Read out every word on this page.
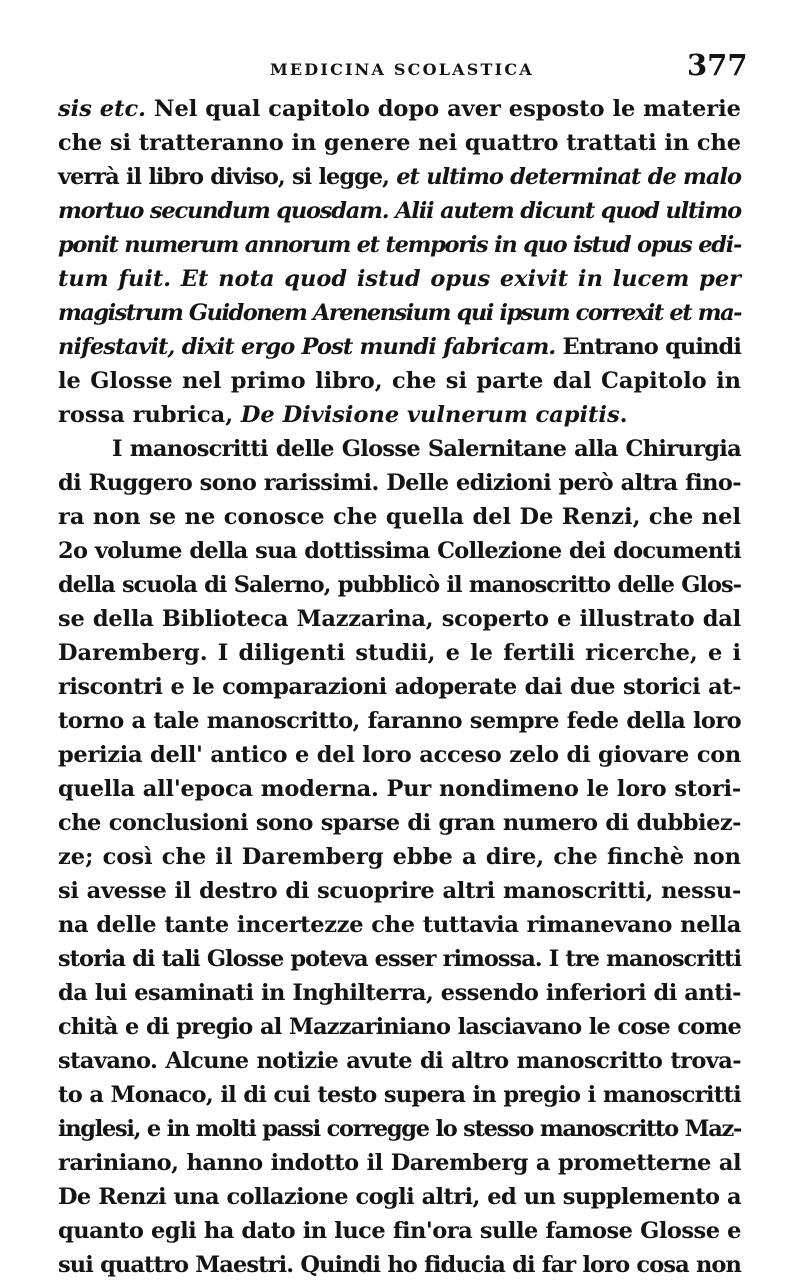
MEDICINA SCOLASTICA	377
sis etc. Nel qual capitolo dopo aver esposto le materie
che si tratteranno in genere nei quattro trattati in che
verrà il libro diviso, si legge, et ultimo determinat de malo
mortuo secundum quosdam. Alii autem dicunt quod ultimo
ponit numerum annorum et temporis in quo istud opus edi-
tum fuit. Et nota quod istud opus exivit in lucem per
magistrum Guidonem Arenensium qui ipsum correxit et ma-
nifestavit, dixit ergo Post mundi fabricam. Entrano quindi
le Glosse nel primo libro, che si parte dal Capitolo in
rossa rubrica, De Divisione vulnerum capitis.
I manoscritti delle Glosse Salernitane alla Chirurgia
di Ruggero sono rarissimi. Delle edizioni però altra fino-
ra non se ne conosce che quella del De Renzi, che nel
2o volume della sua dottissima Collezione dei documenti
della scuola di Salerno, pubblicò il manoscritto delle Glos-
se della Biblioteca Mazzarina, scoperto e illustrato dal
Daremberg. I diligenti studii, e le fertili ricerche, e i
riscontri e le comparazioni adoperate dai due storici at-
torno a tale manoscritto, faranno sempre fede della loro
perizia dell' antico e del loro acceso zelo di giovare con
quella all'epoca moderna. Pur nondimeno le loro stori-
che conclusioni sono sparse di gran numero di dubbiez-
ze; così che il Daremberg ebbe a dire, che finchè non
si avesse il destro di scuoprire altri manoscritti, nessu-
na delle tante incertezze che tuttavia rimanevano nella
storia di tali Glosse poteva esser rimossa. I tre manoscritti
da lui esaminati in Inghilterra, essendo inferiori di anti-
chità e di pregio al Mazzariniano lasciavano le cose come
stavano. Alcune notizie avute di altro manoscritto trova-
to a Monaco, il di cui testo supera in pregio i manoscritti
inglesi, e in molti passi corregge lo stesso manoscritto Maz-
rariniano, hanno indotto il Daremberg a prometterne al
De Renzi una collazione cogli altri, ed un supplemento a
quanto egli ha dato in luce fin'ora sulle famose Glosse e
sui quattro Maestri. Quindi ho fiducia di far loro cosa non
